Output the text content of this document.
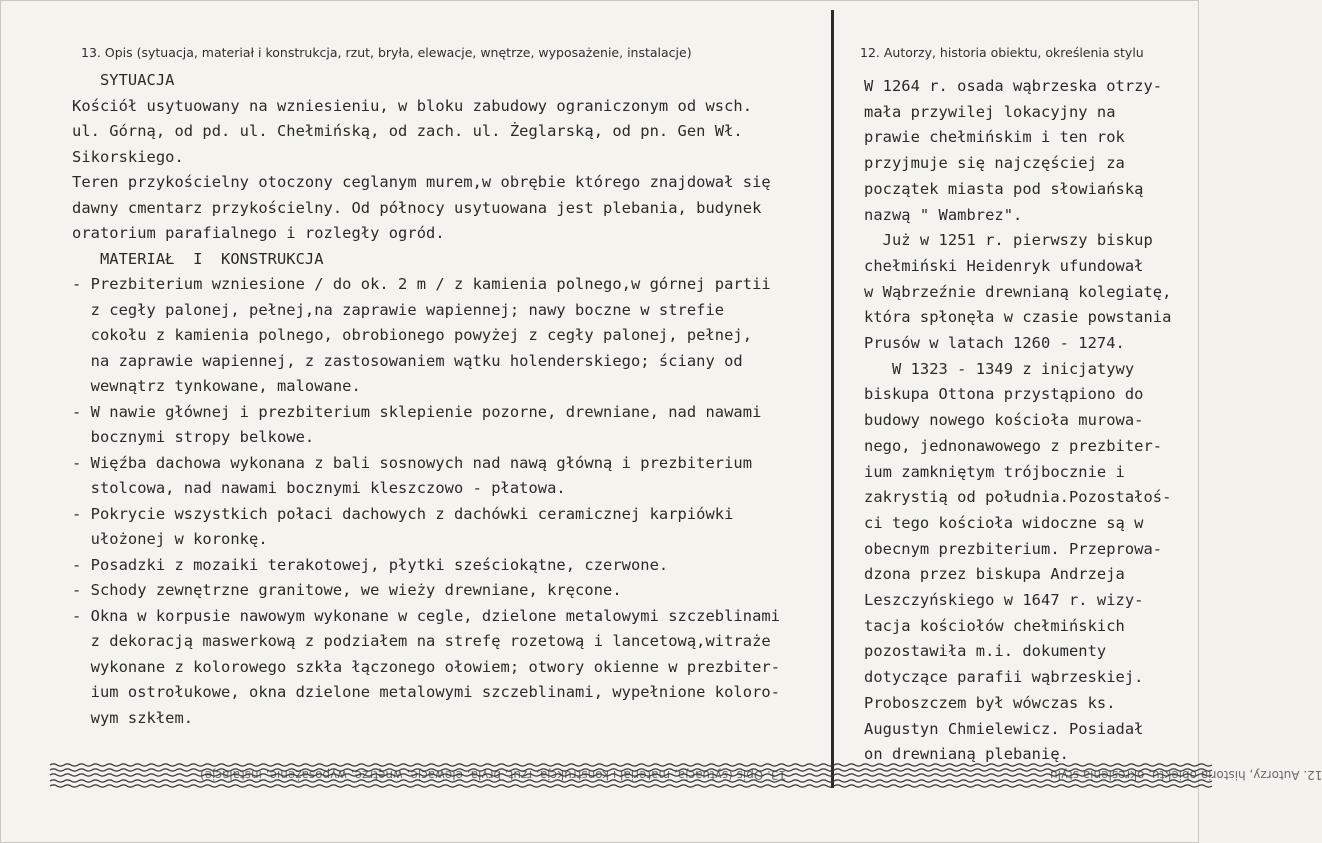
13. Opis (sytuacja, materiał i konstrukcja, rzut, bryła, elewacje, wnętrze, wyposażenie, instalacje)	12. Autorzy, historia obiektu, określenia stylu
SYTUACJA
Kościół usytuowany na wzniesieniu, w bloku zabudowy ograniczonym od wsch.
ul. Górną, od pd. ul. Chełmińską, od zach. ul. Żeglarską, od pn. Gen Wł.
Sikorskiego.
Teren przykościelny otoczony ceglanym murem,w obrębie którego znajdował się
dawny cmentarz przykościelny. Od północy usytuowana jest plebania, budynek
oratorium parafialnego i rozległy ogród.
MATERIAŁ  I  KONSTRUKCJA
- Prezbiterium wzniesione / do ok. 2 m / z kamienia polnego,w górnej partii
z cegły palonej, pełnej,na zaprawie wapiennej; nawy boczne w strefie
cokołu z kamienia polnego, obrobionego powyżej z cegły palonej, pełnej,
na zaprawie wapiennej, z zastosowaniem wątku holenderskiego; ściany od
wewnątrz tynkowane, malowane.
- W nawie głównej i prezbiterium sklepienie pozorne, drewniane, nad nawami
bocznymi stropy belkowe.
- Więźba dachowa wykonana z bali sosnowych nad nawą główną i prezbiterium
stolcowa, nad nawami bocznymi kleszczowo - płatowa.
- Pokrycie wszystkich połaci dachowych z dachówki ceramicznej karpiówki
ułożonej w koronkę.
- Posadzki z mozaiki terakotowej, płytki sześciokątne, czerwone.
- Schody zewnętrzne granitowe, we wieży drewniane, kręcone.
- Okna w korpusie nawowym wykonane w cegle, dzielone metalowymi szczeblinami
z dekoracją maswerkową z podziałem na strefę rozetową i lancetową,witraże
wykonane z kolorowego szkła łączonego ołowiem; otwory okienne w prezbiter-
ium ostrołukowe, okna dzielone metalowymi szczeblinami, wypełnione koloro-
wym szkłem.
W 1264 r. osada wąbrzeska otrzy-
mała przywilej lokacyjny na
prawie chełmińskim i ten rok
przyjmuje się najczęściej za
początek miasta pod słowiańską
nazwą " Wambrez".
Już w 1251 r. pierwszy biskup
chełmiński Heidenryk ufundował
w Wąbrzeźnie drewnianą kolegiatę,
która spłonęła w czasie powstania
Prusów w latach 1260 - 1274.
W 1323 - 1349 z inicjatywy
biskupa Ottona przystąpiono do
budowy nowego kościoła murowa-
nego, jednonawowego z prezbiter-
ium zamkniętym trójbocznie i
zakrystią od południa.Pozostałoś-
ci tego kościoła widoczne są w
obecnym prezbiterium. Przeprowa-
dzona przez biskupa Andrzeja
Leszczyńskiego w 1647 r. wizy-
tacja kościołów chełmińskich
pozostawiła m.i. dokumenty
dotyczące parafii wąbrzeskiej.
Proboszczem był wówczas ks.
Augustyn Chmielewicz. Posiadał
on drewnianą plebanię.
13. Opis (sytuacja, materiał i konstrukcja, rzut, bryła, elewacje, wnętrze, wyposażenie, instalacje)	12. Autorzy, historia obiektu, określenia stylu
